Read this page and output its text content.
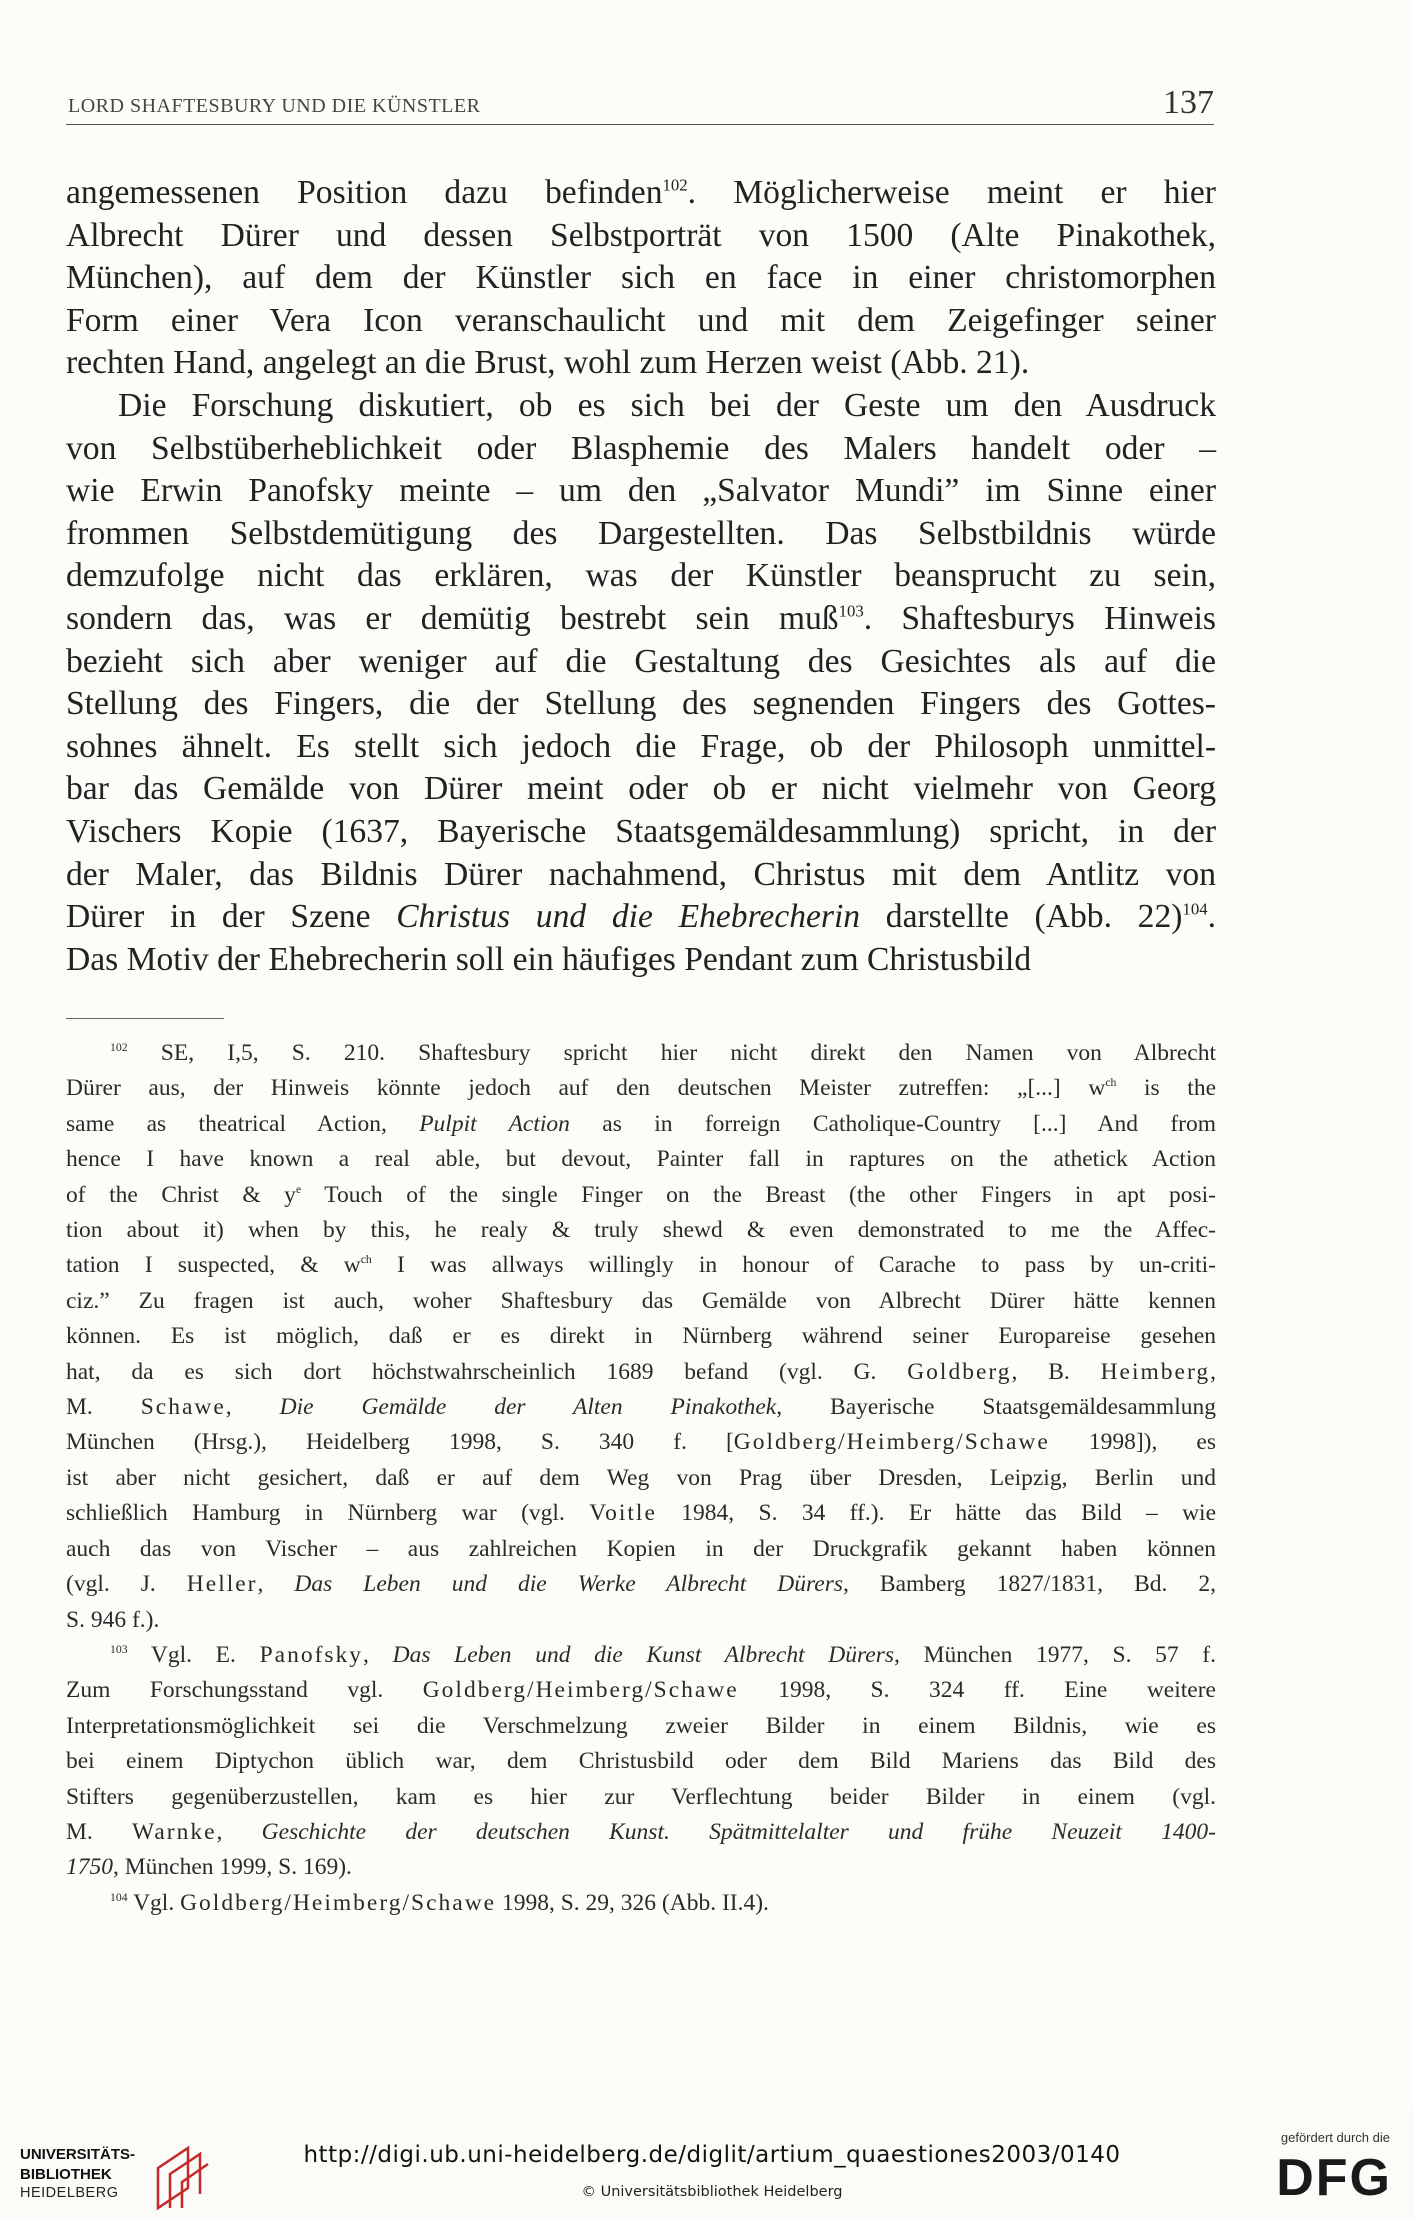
LORD SHAFTESBURY UND DIE KÜNSTLER	137

angemessenen Position dazu befinden$^{102}$. Möglicherweise meint er hier
Albrecht Dürer und dessen Selbstporträt von 1500 (Alte Pinakothek,
München), auf dem der Künstler sich en face in einer christomorphen
Form einer Vera Icon veranschaulicht und mit dem Zeigefinger seiner
rechten Hand, angelegt an die Brust, wohl zum Herzen weist (Abb. 21).

Die Forschung diskutiert, ob es sich bei der Geste um den Ausdruck
von Selbstüberheblichkeit oder Blasphemie des Malers handelt oder –
wie Erwin Panofsky meinte – um den „Salvator Mundi” im Sinne einer
frommen Selbstdemütigung des Dargestellten. Das Selbstbildnis würde
demzufolge nicht das erklären, was der Künstler beansprucht zu sein,
sondern das, was er demütig bestrebt sein muß$^{103}$. Shaftesburys Hinweis
bezieht sich aber weniger auf die Gestaltung des Gesichtes als auf die
Stellung des Fingers, die der Stellung des segnenden Fingers des Gottes-
sohnes ähnelt. Es stellt sich jedoch die Frage, ob der Philosoph unmittel-
bar das Gemälde von Dürer meint oder ob er nicht vielmehr von Georg
Vischers Kopie (1637, Bayerische Staatsgemäldesammlung) spricht, in der
der Maler, das Bildnis Dürer nachahmend, Christus mit dem Antlitz von
Dürer in der Szene Christus und die Ehebrecherin darstellte (Abb. 22)$^{104}$.
Das Motiv der Ehebrecherin soll ein häufiges Pendant zum Christusbild

$^{102}$ SE, I,5, S. 210. Shaftesbury spricht hier nicht direkt den Namen von Albrecht
Dürer aus, der Hinweis könnte jedoch auf den deutschen Meister zutreffen: „[...] $w^{ch}$ is the
same as theatrical Action, Pulpit Action as in forreign Catholique-Country [...] And from
hence I have known a real able, but devout, Painter fall in raptures on the athetick Action
of the Christ & $y^e$ Touch of the single Finger on the Breast (the other Fingers in apt posi-
tion about it) when by this, he realy & truly shewd & even demonstrated to me the Affec-
tation I suspected, & $w^{ch}$ I was allways willingly in honour of Carache to pass by un-criti-
ciz.” Zu fragen ist auch, woher Shaftesbury das Gemälde von Albrecht Dürer hätte kennen
können. Es ist möglich, daß er es direkt in Nürnberg während seiner Europareise gesehen
hat, da es sich dort höchstwahrscheinlich 1689 befand (vgl. G. Goldberg, B. Heimberg,
M. Schawe, Die Gemälde der Alten Pinakothek, Bayerische Staatsgemäldesammlung
München (Hrsg.), Heidelberg 1998, S. 340 f. [Goldberg/Heimberg/Schawe 1998]), es
ist aber nicht gesichert, daß er auf dem Weg von Prag über Dresden, Leipzig, Berlin und
schließlich Hamburg in Nürnberg war (vgl. Voitle 1984, S. 34 ff.). Er hätte das Bild – wie
auch das von Vischer – aus zahlreichen Kopien in der Druckgrafik gekannt haben können
(vgl. J. Heller, Das Leben und die Werke Albrecht Dürers, Bamberg 1827/1831, Bd. 2,
S. 946 f.).
$^{103}$ Vgl. E. Panofsky, Das Leben und die Kunst Albrecht Dürers, München 1977, S. 57 f.
Zum Forschungsstand vgl. Goldberg/Heimberg/Schawe 1998, S. 324 ff. Eine weitere
Interpretationsmöglichkeit sei die Verschmelzung zweier Bilder in einem Bildnis, wie es
bei einem Diptychon üblich war, dem Christusbild oder dem Bild Mariens das Bild des
Stifters gegenüberzustellen, kam es hier zur Verflechtung beider Bilder in einem (vgl.
M. Warnke, Geschichte der deutschen Kunst. Spätmittelalter und frühe Neuzeit 1400-
1750, München 1999, S. 169).
$^{104}$ Vgl. Goldberg/Heimberg/Schawe 1998, S. 29, 326 (Abb. II.4).
UNIVERSITÄTS-
BIBLIOTHEK
HEIDELBERG
http://digi.ub.uni-heidelberg.de/diglit/artium_quaestiones2003/0140
© Universitätsbibliothek Heidelberg
gefördert durch die
DFG
